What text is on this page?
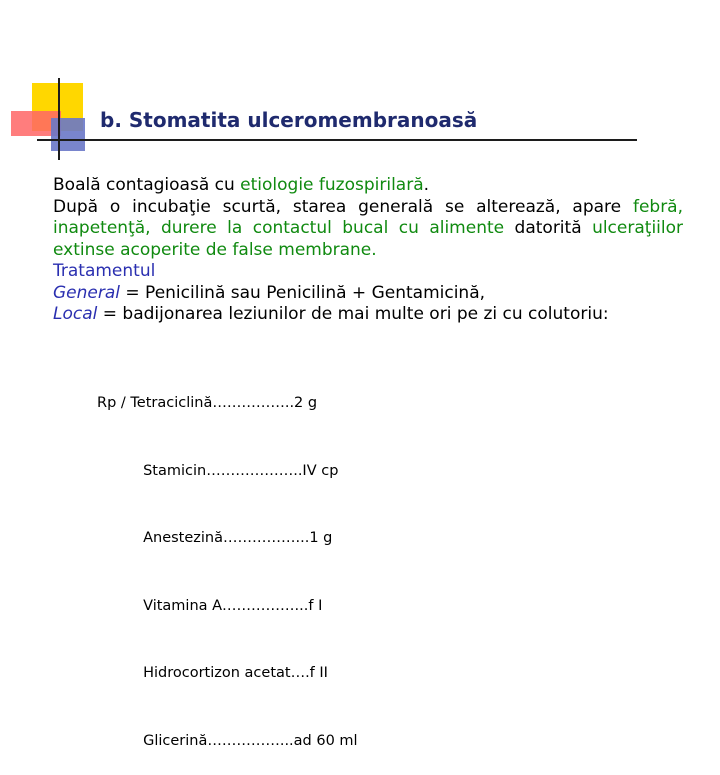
b. Stomatita ulceromembranoasă

Boală contagioasă cu etiologie fuzospirilară.

După o incubaţie scurtă, starea generală se alterează, apare febră, inapetenţă, durere la contactul bucal cu alimente datorită ulceraţiilor extinse acoperite de false membrane.

Tratamentul

General = Penicilină sau Penicilină + Gentamicină,

Local = badijonarea leziunilor de mai multe ori pe zi cu colutoriu:

Rp / Tetraciclină……………..2 g

Stamicin………………..IV cp

Anestezină……………...1 g

Vitamina A……………...f I

Hidrocortizon acetat….f II

Glicerină……………...ad 60 ml
